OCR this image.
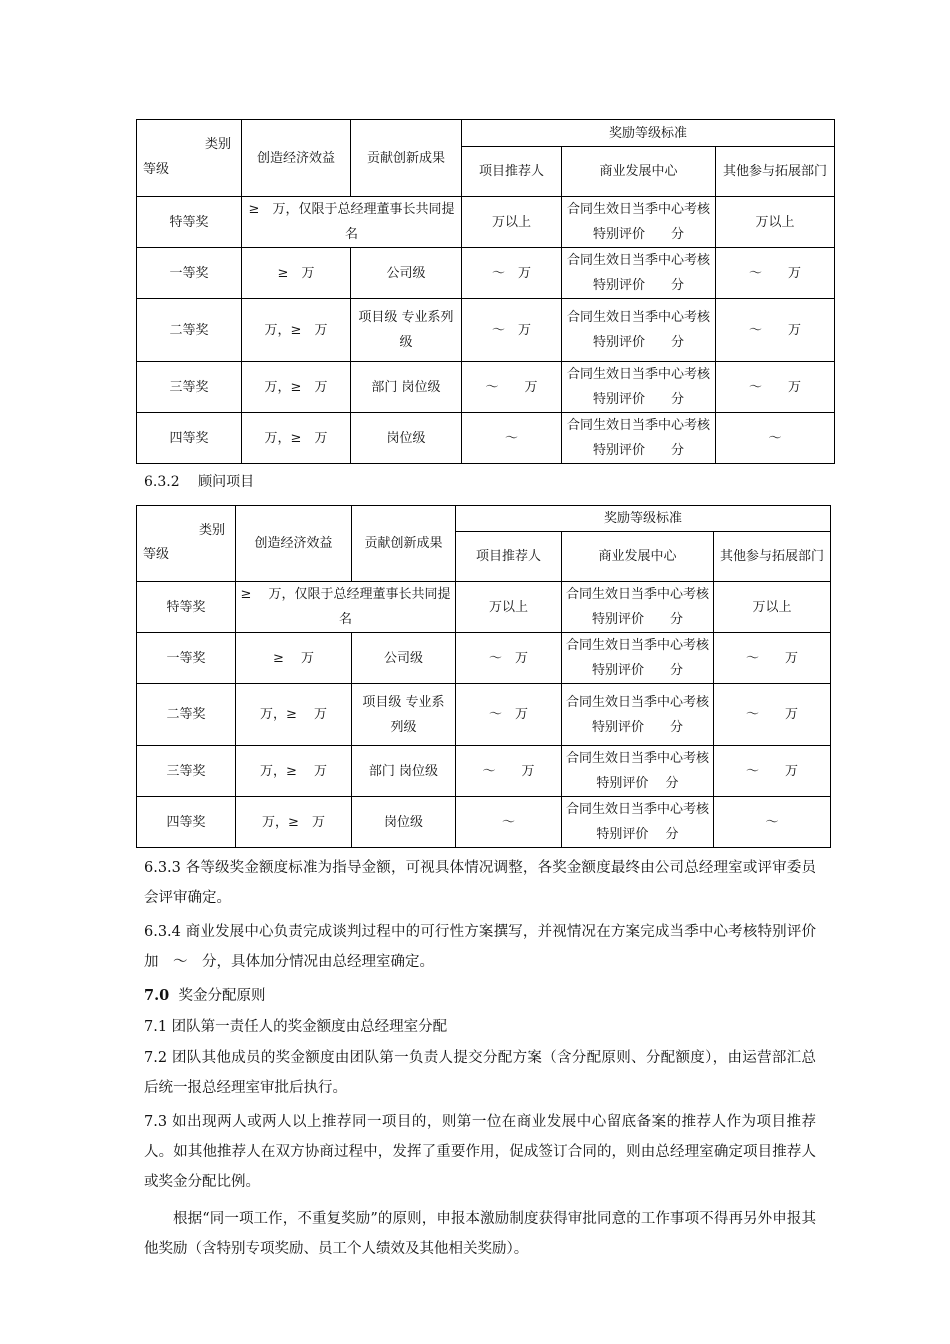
类别
等级	创造经济效益	贡献创新成果	奖励等级标准		
			项目推荐人	商业发展中心	其他参与拓展部门
特等奖	≥　万，仅限于总经理董事长共同提名		万以上	合同生效日当季中心考核特别评价　　分	万以上
一等奖	≥　万	公司级	～　万	合同生效日当季中心考核特别评价　　分	～　　万
二等奖	万，≥　万	项目级 专业系列级	～　万	合同生效日当季中心考核特别评价　　分	～　　万
三等奖	万，≥　万	部门 岗位级	～　　万	合同生效日当季中心考核特别评价　　分	～　　万
四等奖	万，≥　万	岗位级	～	合同生效日当季中心考核特别评价　　分	～
6.3.2　 顾问项目
类别
等级	创造经济效益	贡献创新成果	奖励等级标准		
			项目推荐人	商业发展中心	其他参与拓展部门
特等奖	≥　 万，仅限于总经理董事长共同提名		万以上	合同生效日当季中心考核特别评价　　分	万以上
一等奖	≥　 万	公司级	～　万	合同生效日当季中心考核特别评价　　分	～　　万
二等奖	万，≥　 万	项目级 专业系列级	～　万	合同生效日当季中心考核特别评价　　分	～　　万
三等奖	万，≥　 万	部门 岗位级	～　　万	合同生效日当季中心考核特别评价　 分	～　　万
四等奖	万，≥　万	岗位级	～	合同生效日当季中心考核特别评价　 分	～
6.3.3 各等级奖金额度标准为指导金额，可视具体情况调整，各奖金额度最终由公司总经理室或评审委员会评审确定。
6.3.4 商业发展中心负责完成谈判过程中的可行性方案撰写，并视情况在方案完成当季中心考核特别评价加　～　分，具体加分情况由总经理室确定。
7.0 奖金分配原则
7.1 团队第一责任人的奖金额度由总经理室分配
7.2 团队其他成员的奖金额度由团队第一负责人提交分配方案（含分配原则、分配额度），由运营部汇总后统一报总经理室审批后执行。
7.3 如出现两人或两人以上推荐同一项目的，则第一位在商业发展中心留底备案的推荐人作为项目推荐人。如其他推荐人在双方协商过程中，发挥了重要作用，促成签订合同的，则由总经理室确定项目推荐人或奖金分配比例。
根据“同一项工作，不重复奖励”的原则，申报本激励制度获得审批同意的工作事项不得再另外申报其他奖励（含特别专项奖励、员工个人绩效及其他相关奖励）。
